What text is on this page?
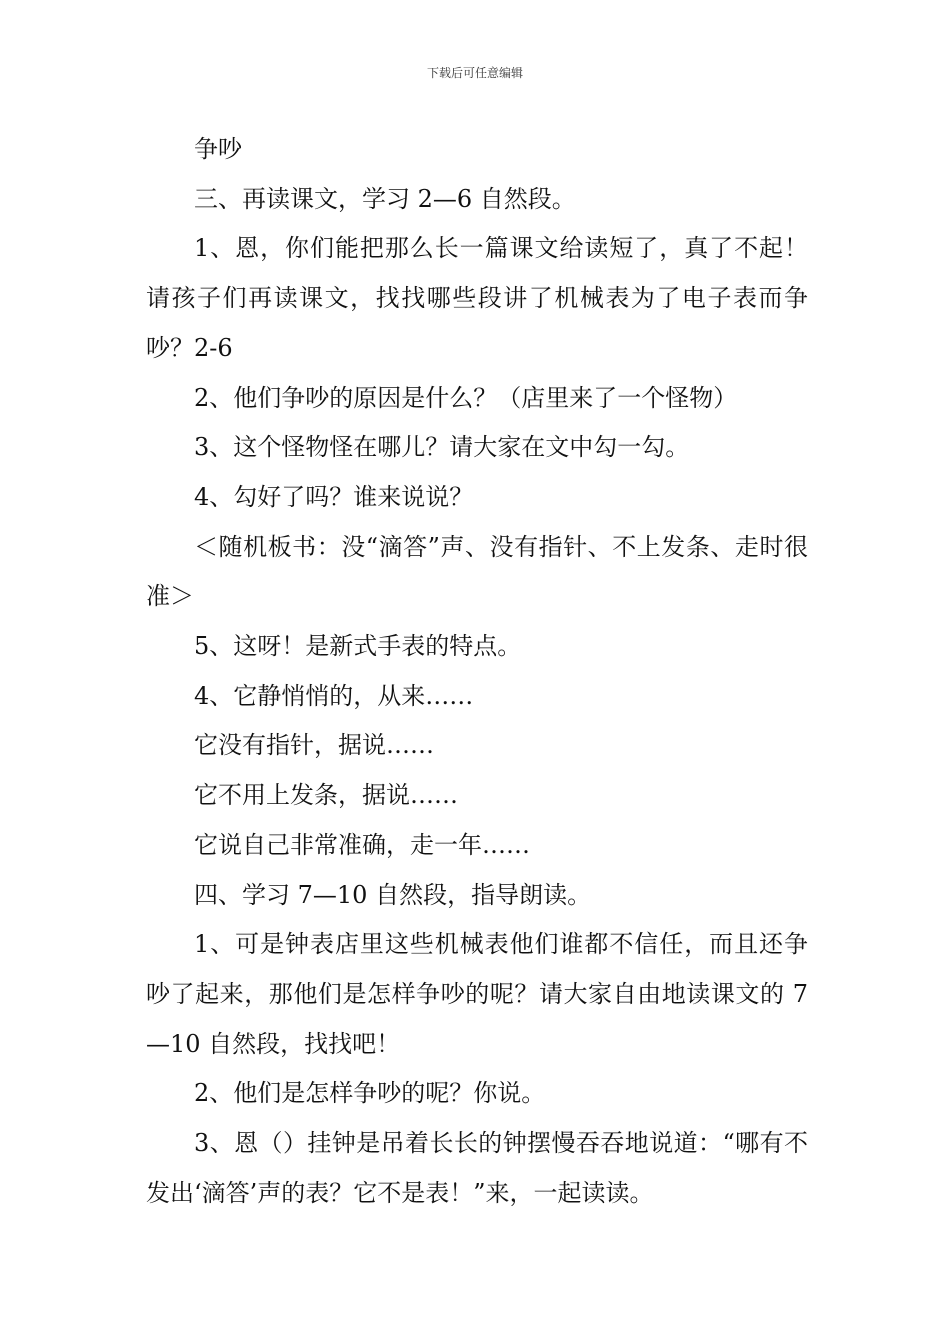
下载后可任意编辑

争吵

三、再读课文，学习 2—6 自然段。

1、恩，你们能把那么长一篇课文给读短了，真了不起！请孩子们再读课文，找找哪些段讲了机械表为了电子表而争吵？2-6

2、他们争吵的原因是什么？（店里来了一个怪物）

3、这个怪物怪在哪儿？请大家在文中勾一勾。

4、勾好了吗？谁来说说？

＜随机板书：没“滴答”声、没有指针、不上发条、走时很准＞

5、这呀！是新式手表的特点。

4、它静悄悄的，从来……

它没有指针，据说……

它不用上发条，据说……

它说自己非常准确，走一年……

四、学习 7—10 自然段，指导朗读。

1、可是钟表店里这些机械表他们谁都不信任，而且还争吵了起来，那他们是怎样争吵的呢？请大家自由地读课文的 7—10 自然段，找找吧！

2、他们是怎样争吵的呢？你说。

3、恩（）挂钟是吊着长长的钟摆慢吞吞地说道：“哪有不发出‘滴答’声的表？它不是表！”来，一起读读。
